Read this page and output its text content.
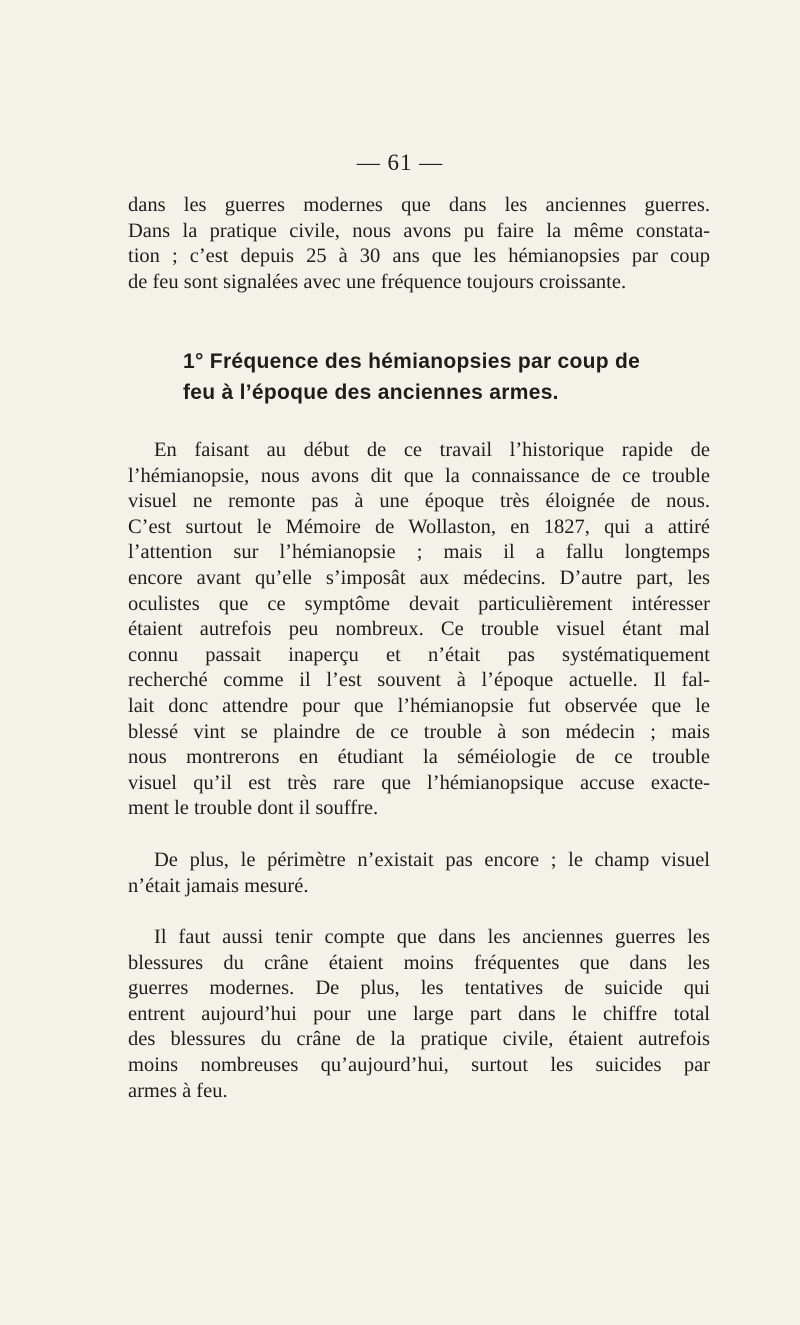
— 61 —
dans les guerres modernes que dans les anciennes guerres.
Dans la pratique civile, nous avons pu faire la même constata-
tion ; c’est depuis 25 à 30 ans que les hémianopsies par coup
de feu sont signalées avec une fréquence toujours croissante.
1° Fréquence des hémianopsies par coup de
feu à l’époque des anciennes armes.
En faisant au début de ce travail l’historique rapide de
l’hémianopsie, nous avons dit que la connaissance de ce trouble
visuel ne remonte pas à une époque très éloignée de nous.
C’est surtout le Mémoire de Wollaston, en 1827, qui a attiré
l’attention sur l’hémianopsie ; mais il a fallu longtemps
encore avant qu’elle s’imposât aux médecins. D’autre part, les
oculistes que ce symptôme devait particulièrement intéresser
étaient autrefois peu nombreux. Ce trouble visuel étant mal
connu passait inaperçu et n’était pas systématiquement
recherché comme il l’est souvent à l’époque actuelle. Il fal-
lait donc attendre pour que l’hémianopsie fut observée que le
blessé vint se plaindre de ce trouble à son médecin ; mais
nous montrerons en étudiant la séméiologie de ce trouble
visuel qu’il est très rare que l’hémianopsique accuse exacte-
ment le trouble dont il souffre.
De plus, le périmètre n’existait pas encore ; le champ visuel
n’était jamais mesuré.
Il faut aussi tenir compte que dans les anciennes guerres les
blessures du crâne étaient moins fréquentes que dans les
guerres modernes. De plus, les tentatives de suicide qui
entrent aujourd’hui pour une large part dans le chiffre total
des blessures du crâne de la pratique civile, étaient autrefois
moins nombreuses qu’aujourd’hui, surtout les suicides par
armes à feu.
